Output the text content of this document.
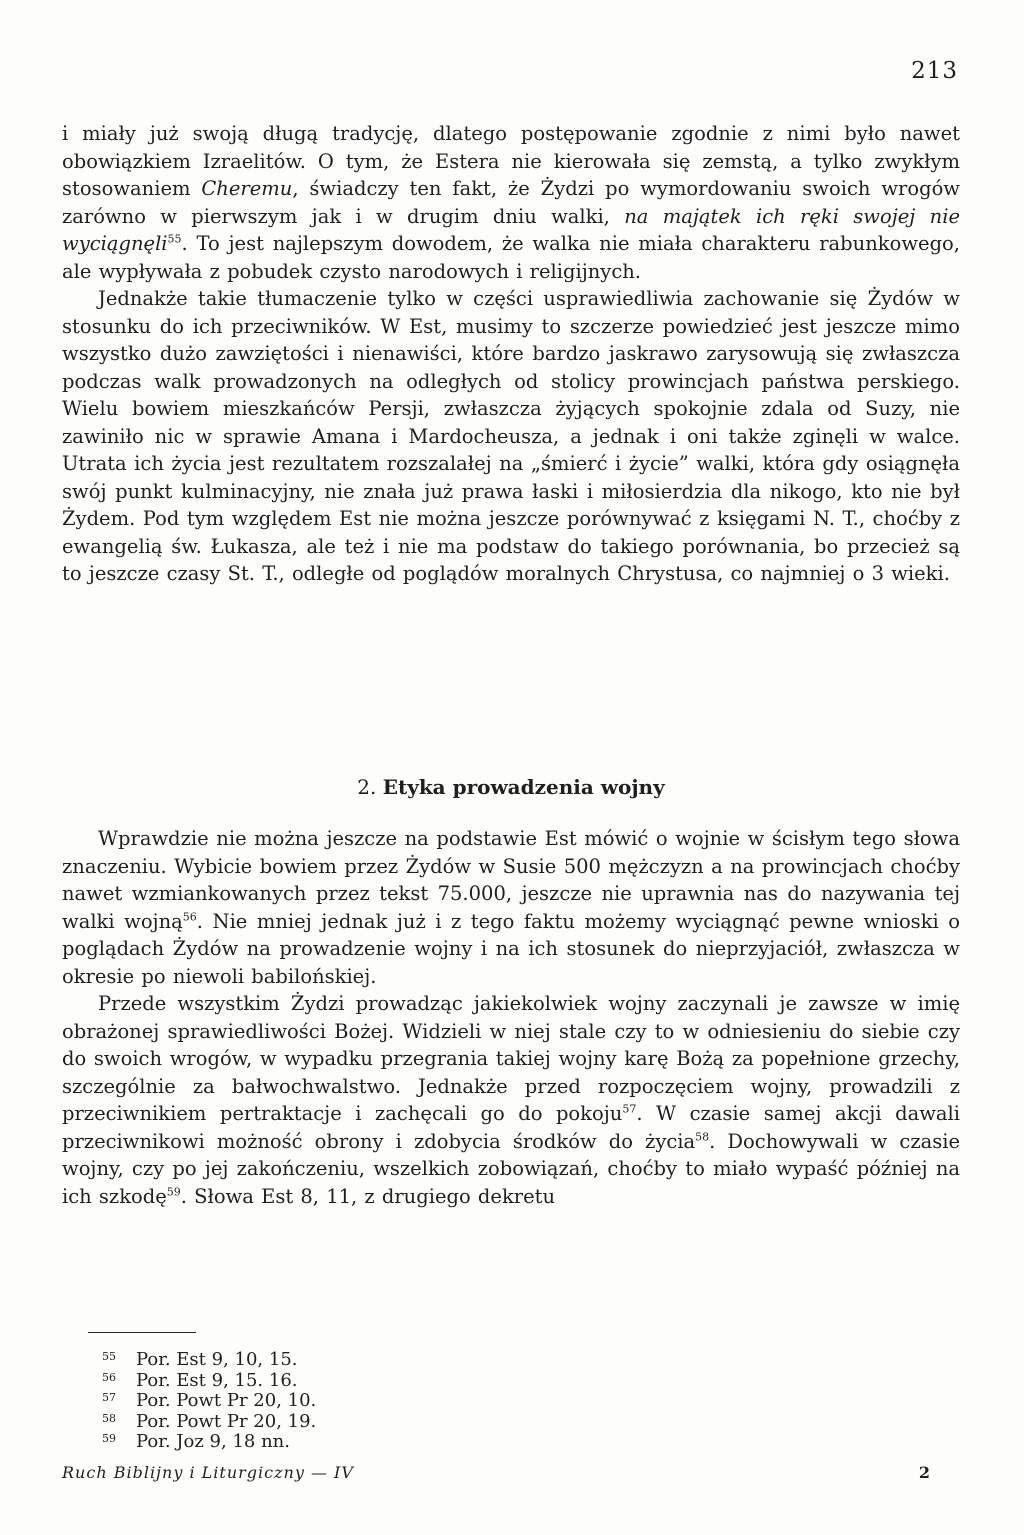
213

i miały już swoją długą tradycję, dlatego postępowanie zgodnie z nimi było nawet obowiązkiem Izraelitów. O tym, że Estera nie kierowała się zemstą, a tylko zwykłym stosowaniem Cheremu, świadczy ten fakt, że Żydzi po wymordowaniu swoich wrogów zarówno w pierwszym jak i w drugim dniu walki, na majątek ich ręki swojej nie wyciągnęli$^{55}$. To jest najlepszym dowodem, że walka nie miała charakteru rabunkowego, ale wypływała z pobudek czysto narodowych i religijnych.

Jednakże takie tłumaczenie tylko w części usprawiedliwia zachowanie się Żydów w stosunku do ich przeciwników. W Est, musimy to szczerze powiedzieć jest jeszcze mimo wszystko dużo zawziętości i nienawiści, które bardzo jaskrawo zarysowują się zwłaszcza podczas walk prowadzonych na odległych od stolicy prowincjach państwa perskiego. Wielu bowiem mieszkańców Persji, zwłaszcza żyjących spokojnie zdala od Suzy, nie zawiniło nic w sprawie Amana i Mardocheusza, a jednak i oni także zginęli w walce. Utrata ich życia jest rezultatem rozszalałej na „śmierć i życie” walki, która gdy osiągnęła swój punkt kulminacyjny, nie znała już prawa łaski i miłosierdzia dla nikogo, kto nie był Żydem. Pod tym względem Est nie można jeszcze porównywać z księgami N. T., choćby z ewangelią św. Łukasza, ale też i nie ma podstaw do takiego porównania, bo przecież są to jeszcze czasy St. T., odległe od poglądów moralnych Chrystusa, co najmniej o 3 wieki.

2. Etyka prowadzenia wojny

Wprawdzie nie można jeszcze na podstawie Est mówić o wojnie w ścisłym tego słowa znaczeniu. Wybicie bowiem przez Żydów w Susie 500 mężczyzn a na prowincjach choćby nawet wzmiankowanych przez tekst 75.000, jeszcze nie uprawnia nas do nazywania tej walki wojną$^{56}$. Nie mniej jednak już i z tego faktu możemy wyciągnąć pewne wnioski o poglądach Żydów na prowadzenie wojny i na ich stosunek do nieprzyjaciół, zwłaszcza w okresie po niewoli babilońskiej.

Przede wszystkim Żydzi prowadząc jakiekolwiek wojny zaczynali je zawsze w imię obrażonej sprawiedliwości Bożej. Widzieli w niej stale czy to w odniesieniu do siebie czy do swoich wrogów, w wypadku przegrania takiej wojny karę Bożą za popełnione grzechy, szczególnie za bałwochwalstwo. Jednakże przed rozpoczęciem wojny, prowadzili z przeciwnikiem pertraktacje i zachęcali go do pokoju$^{57}$. W czasie samej akcji dawali przeciwnikowi możność obrony i zdobycia środków do życia$^{58}$. Dochowywali w czasie wojny, czy po jej zakończeniu, wszelkich zobowiązań, choćby to miało wypaść później na ich szkodę$^{59}$. Słowa Est 8, 11, z drugiego dekretu

55	Por. Est 9, 10, 15.
56	Por. Est 9, 15. 16.
57	Por. Powt Pr 20, 10.
58	Por. Powt Pr 20, 19.
59	Por. Joz 9, 18 nn.
Ruch Biblijny i Liturgiczny — IV	2
